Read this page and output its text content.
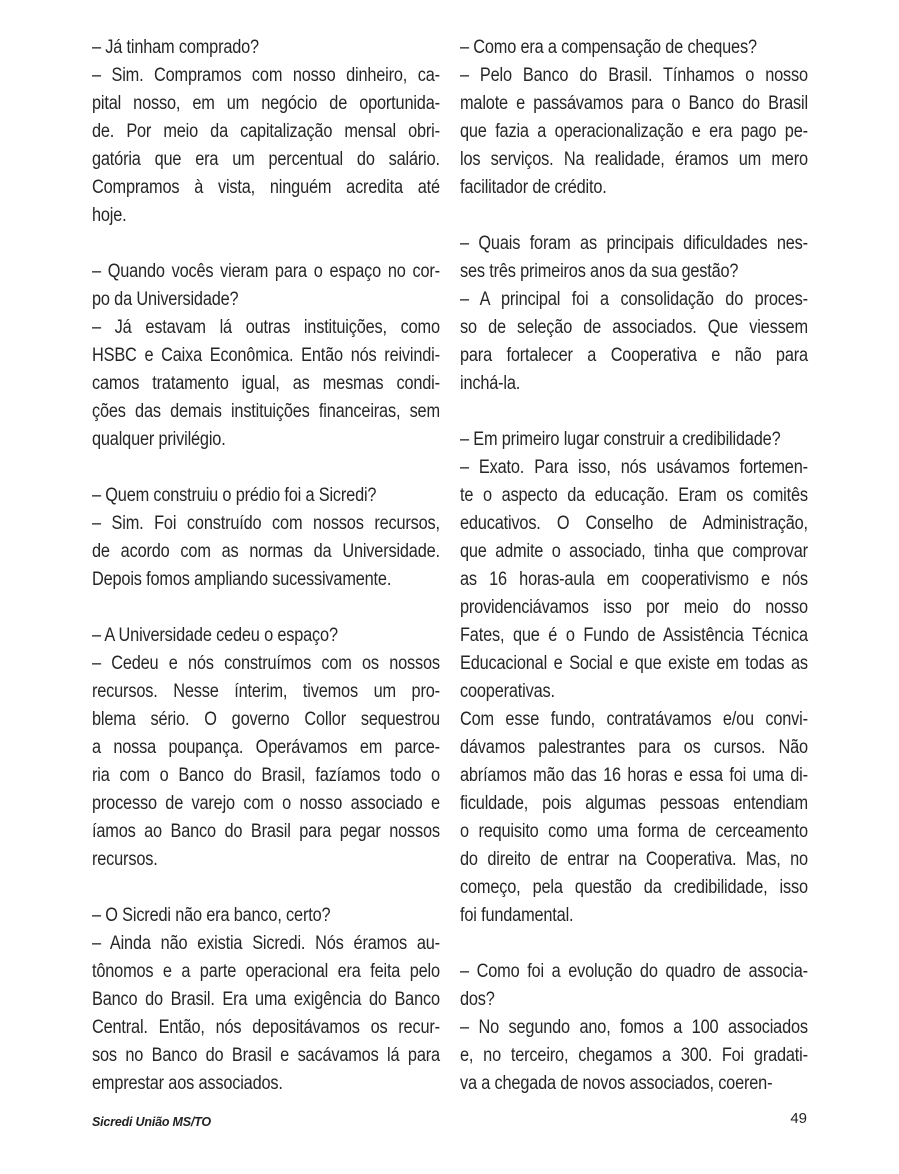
– Já tinham comprado?
– Sim. Compramos com nosso dinheiro, ca-
pital nosso, em um negócio de oportunida-
de. Por meio da capitalização mensal obri-
gatória que era um percentual do salário.
Compramos à vista, ninguém acredita até
hoje.
– Quando vocês vieram para o espaço no cor-
po da Universidade?
– Já estavam lá outras instituições, como
HSBC e Caixa Econômica. Então nós reivindi-
camos tratamento igual, as mesmas condi-
ções das demais instituições financeiras, sem
qualquer privilégio.
– Quem construiu o prédio foi a Sicredi?
– Sim. Foi construído com nossos recursos,
de acordo com as normas da Universidade.
Depois fomos ampliando sucessivamente.
– A Universidade cedeu o espaço?
– Cedeu e nós construímos com os nossos
recursos. Nesse ínterim, tivemos um pro-
blema sério. O governo Collor sequestrou
a nossa poupança. Operávamos em parce-
ria com o Banco do Brasil, fazíamos todo o
processo de varejo com o nosso associado e
íamos ao Banco do Brasil para pegar nossos
recursos.
– O Sicredi não era banco, certo?
– Ainda não existia Sicredi. Nós éramos au-
tônomos e a parte operacional era feita pelo
Banco do Brasil. Era uma exigência do Banco
Central. Então, nós depositávamos os recur-
sos no Banco do Brasil e sacávamos lá para
emprestar aos associados.
– Como era a compensação de cheques?
– Pelo Banco do Brasil. Tínhamos o nosso
malote e passávamos para o Banco do Brasil
que fazia a operacionalização e era pago pe-
los serviços. Na realidade, éramos um mero
facilitador de crédito.
– Quais foram as principais dificuldades nes-
ses três primeiros anos da sua gestão?
– A principal foi a consolidação do proces-
so de seleção de associados. Que viessem
para fortalecer a Cooperativa e não para
inchá-la.
– Em primeiro lugar construir a credibilidade?
– Exato. Para isso, nós usávamos fortemen-
te o aspecto da educação. Eram os comitês
educativos. O Conselho de Administração,
que admite o associado, tinha que comprovar
as 16 horas-aula em cooperativismo e nós
providenciávamos isso por meio do nosso
Fates, que é o Fundo de Assistência Técnica
Educacional e Social e que existe em todas as
cooperativas.
Com esse fundo, contratávamos e/ou convi-
dávamos palestrantes para os cursos. Não
abríamos mão das 16 horas e essa foi uma di-
ficuldade, pois algumas pessoas entendiam
o requisito como uma forma de cerceamento
do direito de entrar na Cooperativa. Mas, no
começo, pela questão da credibilidade, isso
foi fundamental.
– Como foi a evolução do quadro de associa-
dos?
– No segundo ano, fomos a 100 associados
e, no terceiro, chegamos a 300. Foi gradati-
va a chegada de novos associados, coeren-
Sicredi União MS/TO	49
